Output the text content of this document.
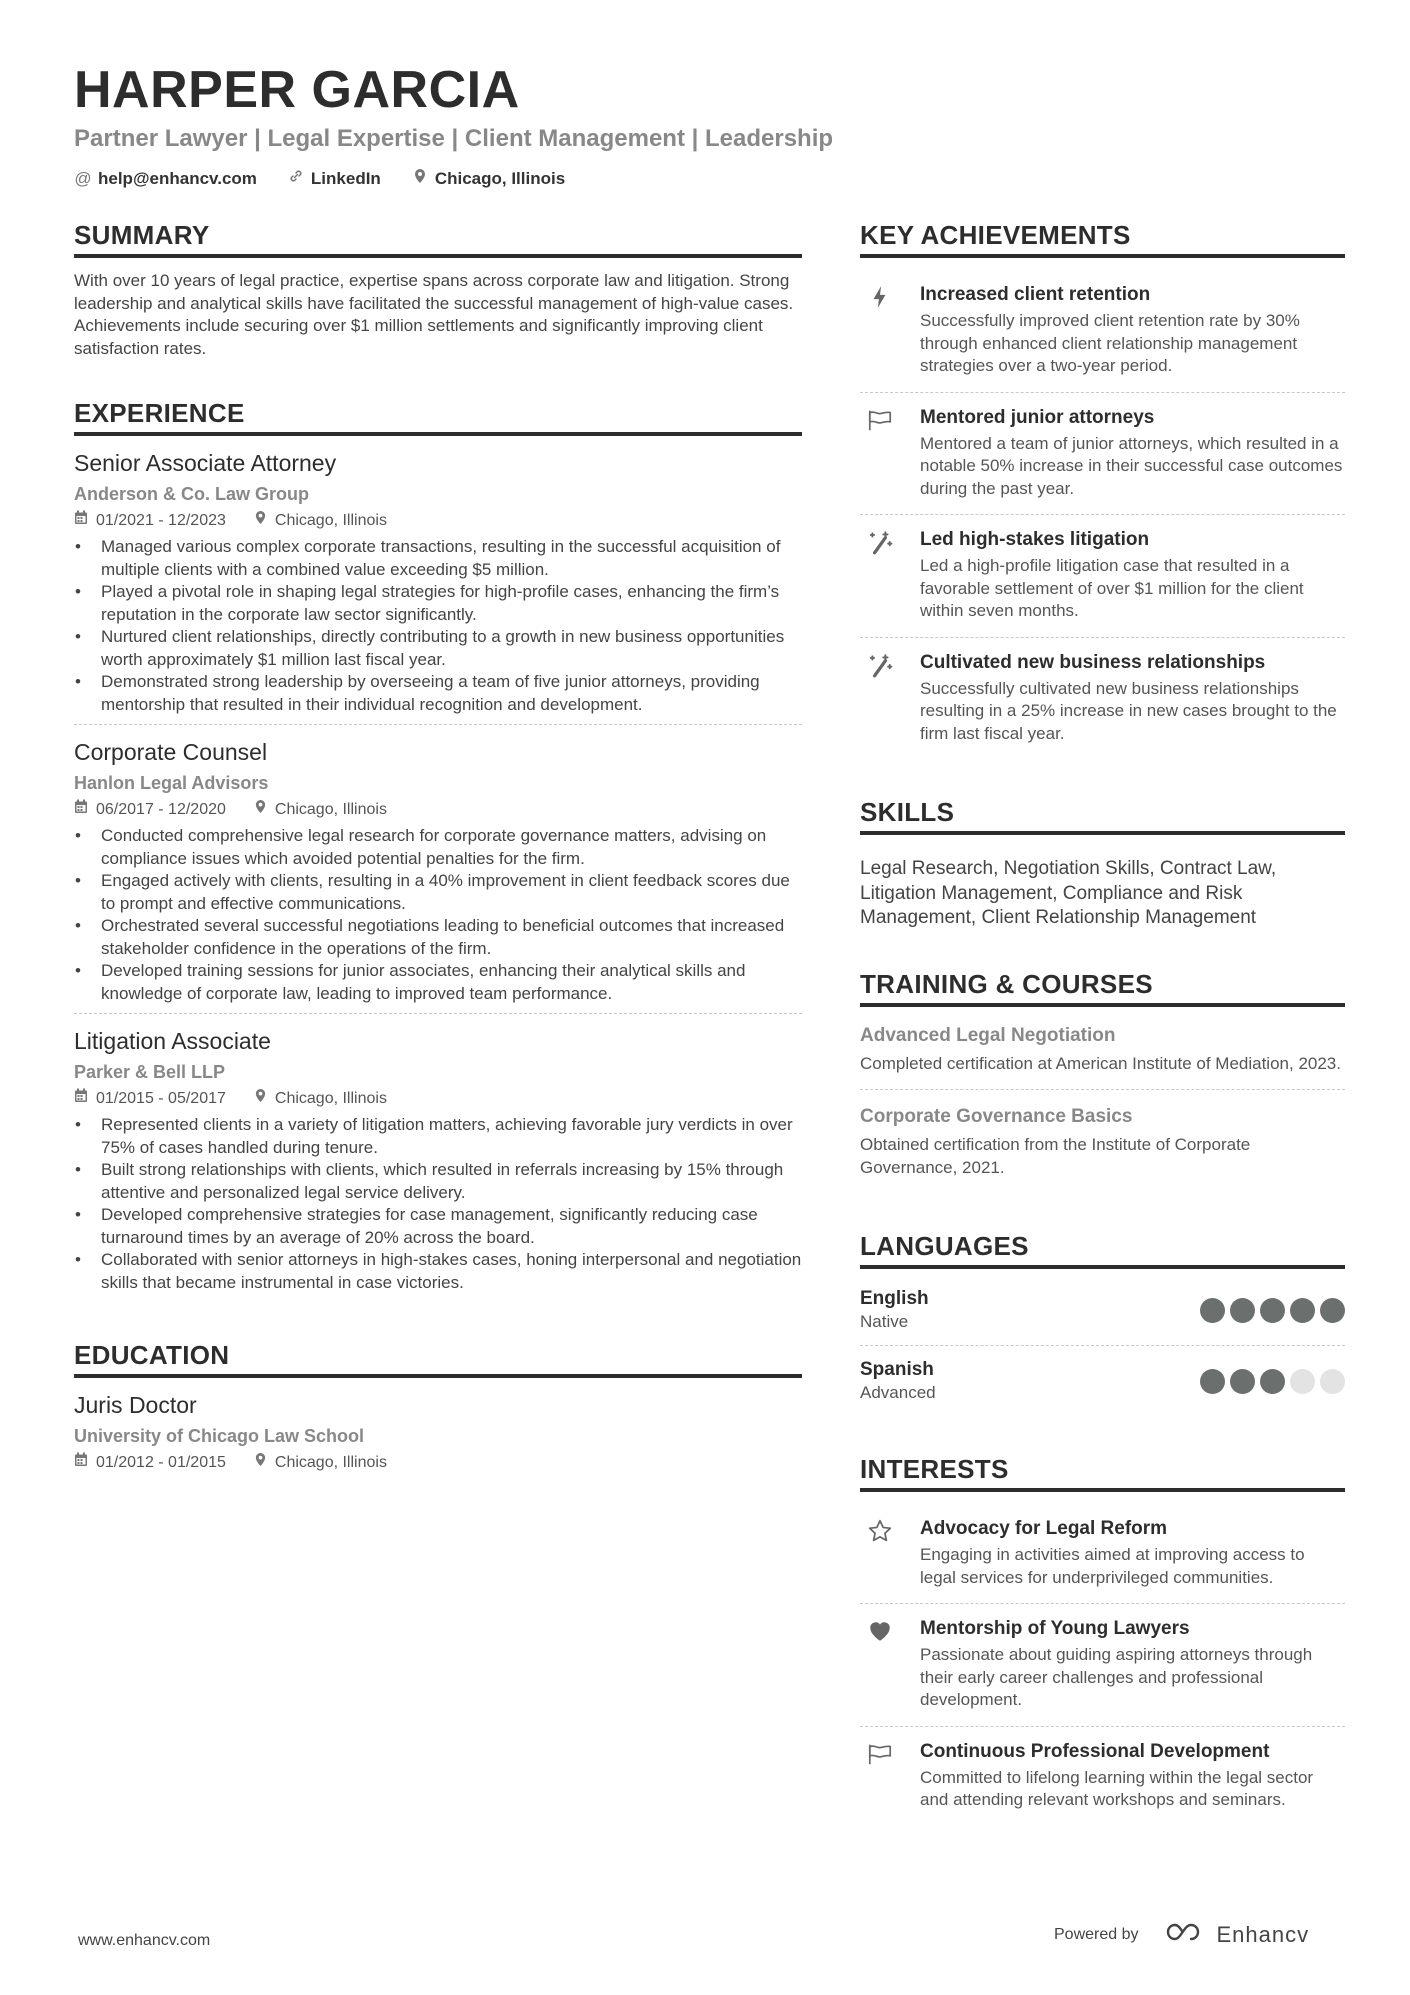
HARPER GARCIA
Partner Lawyer | Legal Expertise | Client Management | Leadership
@ help@enhancv.com	LinkedIn	Chicago, Illinois
SUMMARY
With over 10 years of legal practice, expertise spans across corporate law and litigation. Strong leadership and analytical skills have facilitated the successful management of high-value cases. Achievements include securing over $1 million settlements and significantly improving client satisfaction rates.
EXPERIENCE
Senior Associate Attorney
Anderson & Co. Law Group
01/2021 - 12/2023	Chicago, Illinois
• Managed various complex corporate transactions, resulting in the successful acquisition of multiple clients with a combined value exceeding $5 million.
• Played a pivotal role in shaping legal strategies for high-profile cases, enhancing the firm’s reputation in the corporate law sector significantly.
• Nurtured client relationships, directly contributing to a growth in new business opportunities worth approximately $1 million last fiscal year.
• Demonstrated strong leadership by overseeing a team of five junior attorneys, providing mentorship that resulted in their individual recognition and development.
Corporate Counsel
Hanlon Legal Advisors
06/2017 - 12/2020	Chicago, Illinois
• Conducted comprehensive legal research for corporate governance matters, advising on compliance issues which avoided potential penalties for the firm.
• Engaged actively with clients, resulting in a 40% improvement in client feedback scores due to prompt and effective communications.
• Orchestrated several successful negotiations leading to beneficial outcomes that increased stakeholder confidence in the operations of the firm.
• Developed training sessions for junior associates, enhancing their analytical skills and knowledge of corporate law, leading to improved team performance.
Litigation Associate
Parker & Bell LLP
01/2015 - 05/2017	Chicago, Illinois
• Represented clients in a variety of litigation matters, achieving favorable jury verdicts in over 75% of cases handled during tenure.
• Built strong relationships with clients, which resulted in referrals increasing by 15% through attentive and personalized legal service delivery.
• Developed comprehensive strategies for case management, significantly reducing case turnaround times by an average of 20% across the board.
• Collaborated with senior attorneys in high-stakes cases, honing interpersonal and negotiation skills that became instrumental in case victories.
EDUCATION
Juris Doctor
University of Chicago Law School
01/2012 - 01/2015	Chicago, Illinois
KEY ACHIEVEMENTS
Increased client retention
Successfully improved client retention rate by 30% through enhanced client relationship management strategies over a two-year period.
Mentored junior attorneys
Mentored a team of junior attorneys, which resulted in a notable 50% increase in their successful case outcomes during the past year.
Led high-stakes litigation
Led a high-profile litigation case that resulted in a favorable settlement of over $1 million for the client within seven months.
Cultivated new business relationships
Successfully cultivated new business relationships resulting in a 25% increase in new cases brought to the firm last fiscal year.
SKILLS
Legal Research, Negotiation Skills, Contract Law, Litigation Management, Compliance and Risk Management, Client Relationship Management
TRAINING & COURSES
Advanced Legal Negotiation
Completed certification at American Institute of Mediation, 2023.
Corporate Governance Basics
Obtained certification from the Institute of Corporate Governance, 2021.
LANGUAGES
English
Native
Spanish
Advanced
INTERESTS
Advocacy for Legal Reform
Engaging in activities aimed at improving access to legal services for underprivileged communities.
Mentorship of Young Lawyers
Passionate about guiding aspiring attorneys through their early career challenges and professional development.
Continuous Professional Development
Committed to lifelong learning within the legal sector and attending relevant workshops and seminars.
www.enhancv.com	Powered by	Enhancv
